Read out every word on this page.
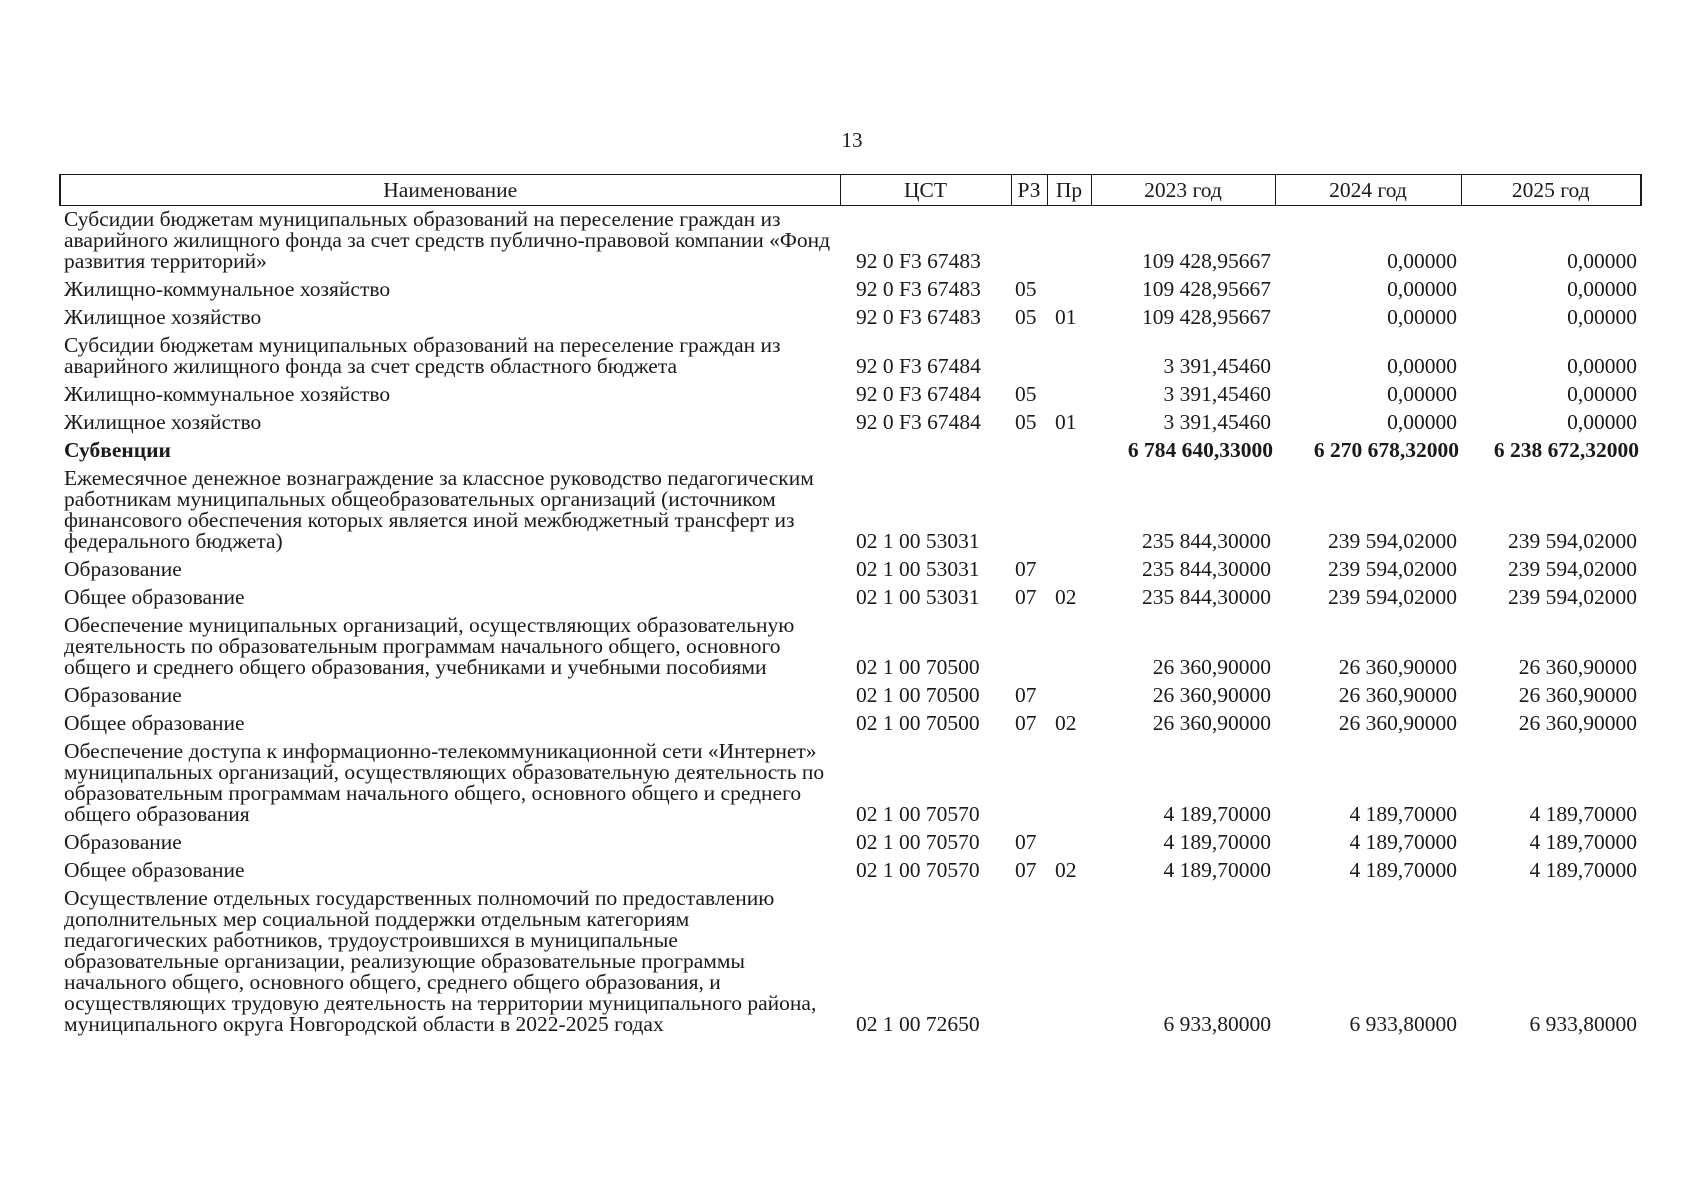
13
Наименование	ЦСТ	РЗ	Пр	2023 год	2024 год	2025 год
Субсидии бюджетам муниципальных образований на переселение граждан из аварийного жилищного фонда за счет средств публично-правовой компании «Фонд развития территорий»	92 0 F3 67483			109 428,95667	0,00000	0,00000
Жилищно-коммунальное хозяйство	92 0 F3 67483	05		109 428,95667	0,00000	0,00000
Жилищное хозяйство	92 0 F3 67483	05	01	109 428,95667	0,00000	0,00000
Субсидии бюджетам муниципальных образований на переселение граждан из аварийного жилищного фонда за счет средств областного бюджета	92 0 F3 67484			3 391,45460	0,00000	0,00000
Жилищно-коммунальное хозяйство	92 0 F3 67484	05		3 391,45460	0,00000	0,00000
Жилищное хозяйство	92 0 F3 67484	05	01	3 391,45460	0,00000	0,00000
Субвенции				6 784 640,33000	6 270 678,32000	6 238 672,32000
Ежемесячное денежное вознаграждение за классное руководство педагогическим работникам муниципальных общеобразовательных организаций (источником финансового обеспечения которых является иной межбюджетный трансферт из федерального бюджета)	02 1 00 53031			235 844,30000	239 594,02000	239 594,02000
Образование	02 1 00 53031	07		235 844,30000	239 594,02000	239 594,02000
Общее образование	02 1 00 53031	07	02	235 844,30000	239 594,02000	239 594,02000
Обеспечение муниципальных организаций, осуществляющих образовательную деятельность по образовательным программам начального общего, основного общего и среднего общего образования, учебниками и учебными пособиями	02 1 00 70500			26 360,90000	26 360,90000	26 360,90000
Образование	02 1 00 70500	07		26 360,90000	26 360,90000	26 360,90000
Общее образование	02 1 00 70500	07	02	26 360,90000	26 360,90000	26 360,90000
Обеспечение доступа к информационно-телекоммуникационной сети «Интернет» муниципальных организаций, осуществляющих образовательную деятельность по образовательным программам начального общего, основного общего и среднего общего образования	02 1 00 70570			4 189,70000	4 189,70000	4 189,70000
Образование	02 1 00 70570	07		4 189,70000	4 189,70000	4 189,70000
Общее образование	02 1 00 70570	07	02	4 189,70000	4 189,70000	4 189,70000
Осуществление отдельных государственных полномочий по предоставлению дополнительных мер социальной поддержки отдельным категориям педагогических работников, трудоустроившихся в муниципальные образовательные организации, реализующие образовательные программы начального общего, основного общего, среднего общего образования, и осуществляющих трудовую деятельность на территории муниципального района, муниципального округа Новгородской области в 2022-2025 годах	02 1 00 72650			6 933,80000	6 933,80000	6 933,80000
